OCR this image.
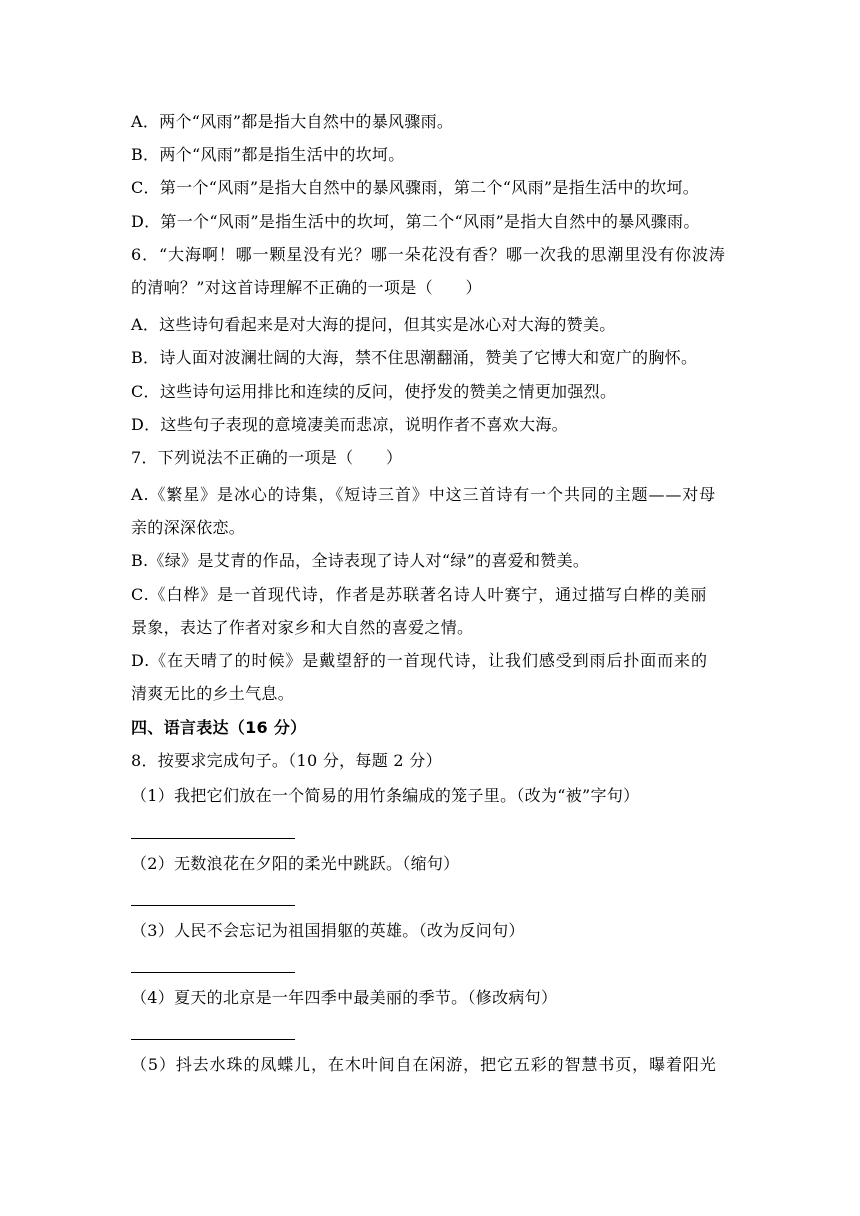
A．两个“风雨”都是指大自然中的暴风骤雨。
B．两个“风雨”都是指生活中的坎坷。
C．第一个“风雨”是指大自然中的暴风骤雨，第二个“风雨”是指生活中的坎坷。
D．第一个“风雨”是指生活中的坎坷，第二个“风雨”是指大自然中的暴风骤雨。
6．“大海啊！哪一颗星没有光？哪一朵花没有香？哪一次我的思潮里没有你波涛
的清响？”对这首诗理解不正确的一项是（　　）
A．这些诗句看起来是对大海的提问，但其实是冰心对大海的赞美。
B．诗人面对波澜壮阔的大海，禁不住思潮翻涌，赞美了它博大和宽广的胸怀。
C．这些诗句运用排比和连续的反问，使抒发的赞美之情更加强烈。
D．这些句子表现的意境凄美而悲凉，说明作者不喜欢大海。
7．下列说法不正确的一项是（　　）
A.《繁星》是冰心的诗集，《短诗三首》中这三首诗有一个共同的主题——对母
亲的深深依恋。
B.《绿》是艾青的作品，全诗表现了诗人对“绿”的喜爱和赞美。
C.《白桦》是一首现代诗，作者是苏联著名诗人叶赛宁，通过描写白桦的美丽
景象，表达了作者对家乡和大自然的喜爱之情。
D.《在天晴了的时候》是戴望舒的一首现代诗，让我们感受到雨后扑面而来的
清爽无比的乡土气息。
四、语言表达（16 分）
8．按要求完成句子。（10 分，每题 2 分）
（1）我把它们放在一个简易的用竹条编成的笼子里。（改为“被”字句）
（2）无数浪花在夕阳的柔光中跳跃。（缩句）
（3）人民不会忘记为祖国捐躯的英雄。（改为反问句）
（4）夏天的北京是一年四季中最美丽的季节。（修改病句）
（5）抖去水珠的凤蝶儿，在木叶间自在闲游，把它五彩的智慧书页，曝着阳光
